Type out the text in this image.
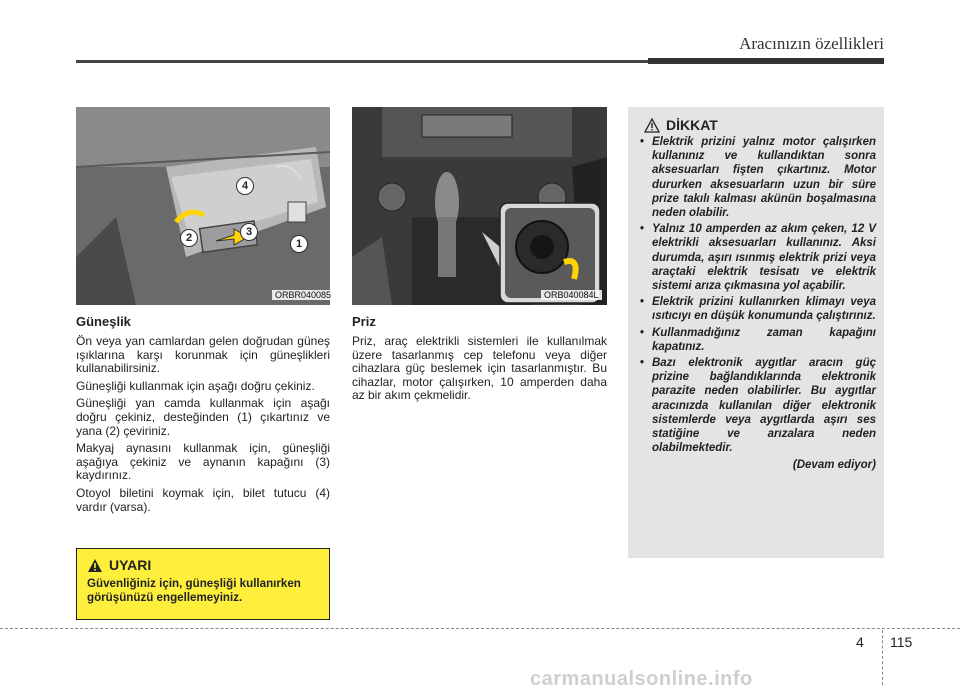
Aracınızın özellikleri
1
2	3
4
ORBR040085	ORB040084L
Güneşlik

Ön veya yan camlardan gelen doğrudan güneş ışıklarına karşı korunmak için güneşlikleri kullanabilirsiniz.

Güneşliği kullanmak için aşağı doğru çekiniz.

Güneşliği yan camda kullanmak için aşağı doğru çekiniz, desteğinden (1) çıkartınız ve yana (2) çeviriniz.

Makyaj aynasını kullanmak için, güneşliği aşağıya çekiniz ve aynanın kapağını (3) kaydırınız.

Otoyol biletini koymak için, bilet tutucu (4) vardır (varsa).

UYARI
Güvenliğiniz için, güneşliği kullanırken görüşünüzü engellemeyiniz.
Priz

Priz, araç elektrikli sistemleri ile kullanılmak üzere tasarlanmış cep telefonu veya diğer cihazlara güç beslemek için tasarlanmıştır. Bu cihazlar, motor çalışırken, 10 amperden daha az bir akım çekmelidir.

DİKKAT
• Elektrik prizini yalnız motor çalışırken kullanınız ve kullandıktan sonra aksesuarları fişten çıkartınız. Motor dururken aksesuarların uzun bir süre prize takılı kalması akünün boşalmasına neden olabilir.
• Yalnız 10 amperden az akım çeken, 12 V elektrikli aksesuarları kullanınız. Aksi durumda, aşırı ısınmış elektrik prizi veya araçtaki elektrik tesisatı ve elektrik sistemi arıza çıkmasına yol açabilir.
• Elektrik prizini kullanırken klimayı veya ısıtıcıyı en düşük konumunda çalıştırınız.
• Kullanmadığınız zaman kapağını kapatınız.
• Bazı elektronik aygıtlar aracın güç prizine bağlandıklarında elektronik parazite neden olabilirler. Bu aygıtlar aracınızda kullanılan diğer elektronik sistemlerde veya aygıtlarda aşırı ses statiğine ve arızalara neden olabilmektedir.
(Devam ediyor)
4 115
carmanualsonline.info
